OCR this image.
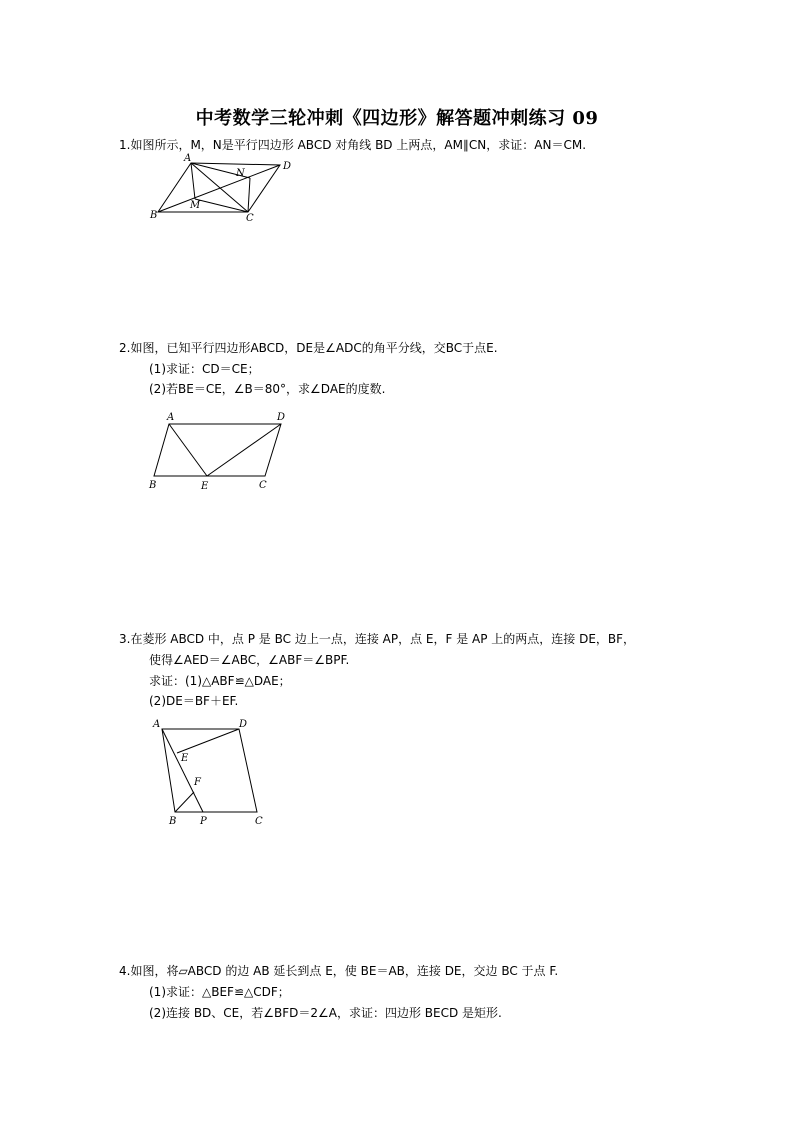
中考数学三轮冲刺《四边形》解答题冲刺练习 09
1.如图所示，M，N是平行四边形 ABCD 对角线 BD 上两点，AM∥CN，求证：AN＝CM.
A
D
N
M
B	C
2.如图，已知平行四边形ABCD，DE是∠ADC的角平分线，交BC于点E.
(1)求证：CD＝CE；
(2)若BE＝CE，∠B＝80°，求∠DAE的度数.
A	D
B	E	C
3.在菱形 ABCD 中，点 P 是 BC 边上一点，连接 AP，点 E，F 是 AP 上的两点，连接 DE，BF，
使得∠AED＝∠ABC，∠ABF＝∠BPF.
求证：(1)△ABF≌△DAE；
(2)DE＝BF＋EF.
A	D
E
F
B P	C
4.如图，将▱ABCD 的边 AB 延长到点 E，使 BE＝AB，连接 DE，交边 BC 于点 F.
(1)求证：△BEF≌△CDF；
(2)连接 BD、CE，若∠BFD＝2∠A，求证：四边形 BECD 是矩形.
